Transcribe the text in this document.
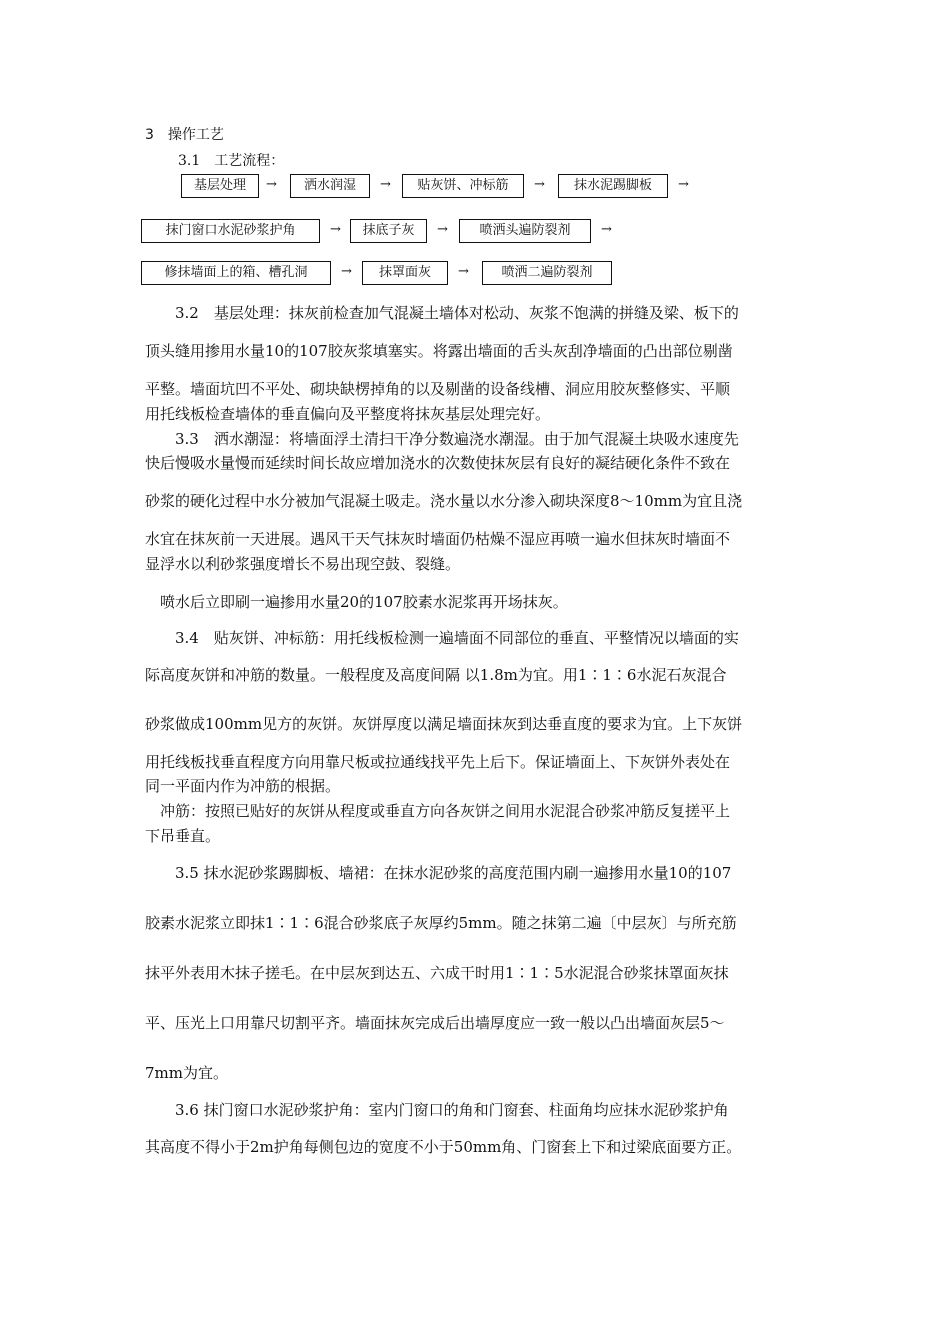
3　操作工艺
3.1　工艺流程：
基层处理	→	洒水润湿	→	贴灰饼、冲标筋	→	抹水泥踢脚板	→
抹门窗口水泥砂浆护角	→	抹底子灰	→	喷洒头遍防裂剂	→
修抹墙面上的箱、槽孔洞	→	抹罩面灰	→	喷洒二遍防裂剂
3.2　基层处理：抹灰前检查加气混凝土墙体对松动、灰浆不饱满的拼缝及梁、板下的
顶头缝用掺用水量10的107胶灰浆填塞实。将露出墙面的舌头灰刮净墙面的凸出部位剔凿
平整。墙面坑凹不平处、砌块缺楞掉角的以及剔凿的设备线槽、洞应用胶灰整修实、平顺
用托线板检查墙体的垂直偏向及平整度将抹灰基层处理完好。
3.3　洒水潮湿：将墙面浮土清扫干净分数遍浇水潮湿。由于加气混凝土块吸水速度先
快后慢吸水量慢而延续时间长故应增加浇水的次数使抹灰层有良好的凝结硬化条件不致在
砂浆的硬化过程中水分被加气混凝土吸走。浇水量以水分渗入砌块深度8～10mm为宜且浇
水宜在抹灰前一天进展。遇风干天气抹灰时墙面仍枯燥不湿应再喷一遍水但抹灰时墙面不
显浮水以利砂浆强度增长不易出现空鼓、裂缝。
喷水后立即刷一遍掺用水量20的107胶素水泥浆再开场抹灰。
3.4　贴灰饼、冲标筋：用托线板检测一遍墙面不同部位的垂直、平整情况以墙面的实
际高度灰饼和冲筋的数量。一般程度及高度间隔 以1.8m为宜。用1∶1∶6水泥石灰混合
砂浆做成100mm见方的灰饼。灰饼厚度以满足墙面抹灰到达垂直度的要求为宜。上下灰饼
用托线板找垂直程度方向用靠尺板或拉通线找平先上后下。保证墙面上、下灰饼外表处在
同一平面内作为冲筋的根据。
冲筋：按照已贴好的灰饼从程度或垂直方向各灰饼之间用水泥混合砂浆冲筋反复搓平上
下吊垂直。
3.5 抹水泥砂浆踢脚板、墙裙：在抹水泥砂浆的高度范围内刷一遍掺用水量10的107
胶素水泥浆立即抹1∶1∶6混合砂浆底子灰厚约5mm。随之抹第二遍〔中层灰〕与所充筋
抹平外表用木抹子搓毛。在中层灰到达五、六成干时用1∶1∶5水泥混合砂浆抹罩面灰抹
平、压光上口用靠尺切割平齐。墙面抹灰完成后出墙厚度应一致一般以凸出墙面灰层5～
7mm为宜。
3.6 抹门窗口水泥砂浆护角：室内门窗口的角和门窗套、柱面角均应抹水泥砂浆护角
其高度不得小于2m护角每侧包边的宽度不小于50mm角、门窗套上下和过梁底面要方正。
